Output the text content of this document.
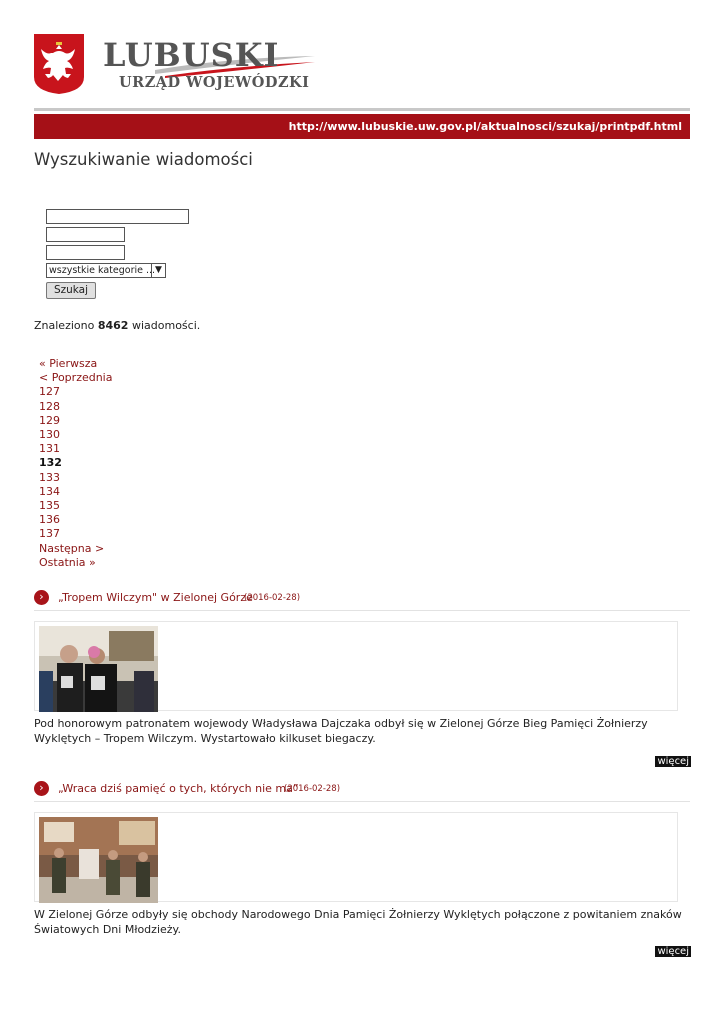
LUBUSKI
URZĄD WOJEWÓDZKI
http://www.lubuskie.uw.gov.pl/aktualnosci/szukaj/printpdf.html
Wyszukiwanie wiadomości
wszystkie kategorie ... ▼
Szukaj
Znaleziono 8462 wiadomości.
« Pierwsza
< Poprzednia
127
128
129
130
131
132
133
134
135
136
137
Następna >
Ostatnia »
›	„Tropem Wilczym" w Zielonej Górze
(2016-02-28)
Pod honorowym patronatem wojewody Władysława Dajczaka odbył się w Zielonej Górze Bieg Pamięci Żołnierzy Wyklętych – Tropem Wilczym. Wystartowało kilkuset biegaczy.
więcej
›	„Wraca dziś pamięć o tych, których nie ma”
(2016-02-28)
W Zielonej Górze odbyły się obchody Narodowego Dnia Pamięci Żołnierzy Wyklętych połączone z powitaniem znaków Światowych Dni Młodzieży.
więcej
